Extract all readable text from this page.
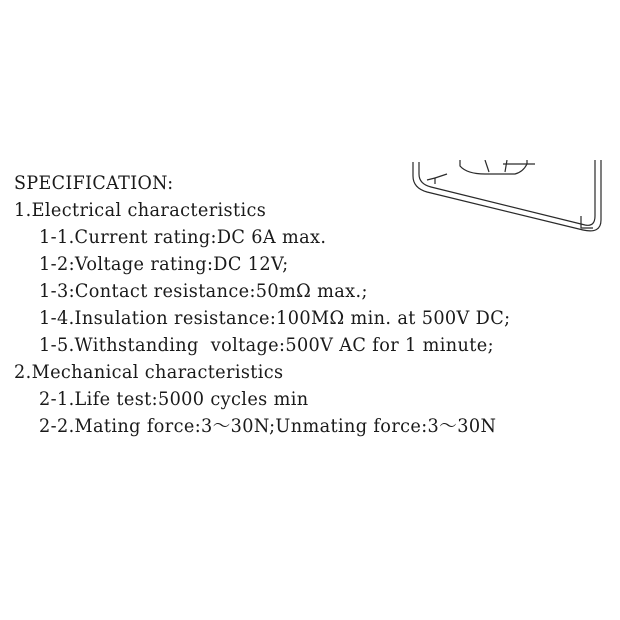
SPECIFICATION:

1.Electrical characteristics

1-1.Current rating:DC 6A max.

1-2:Voltage rating:DC 12V;

1-3:Contact resistance:50mΩ max.;

1-4.Insulation resistance:100MΩ min. at 500V DC;

1-5.Withstanding  voltage:500V AC for 1 minute;

2.Mechanical characteristics

2-1.Life test:5000 cycles min

2-2.Mating force:3～30N;Unmating force:3～30N
